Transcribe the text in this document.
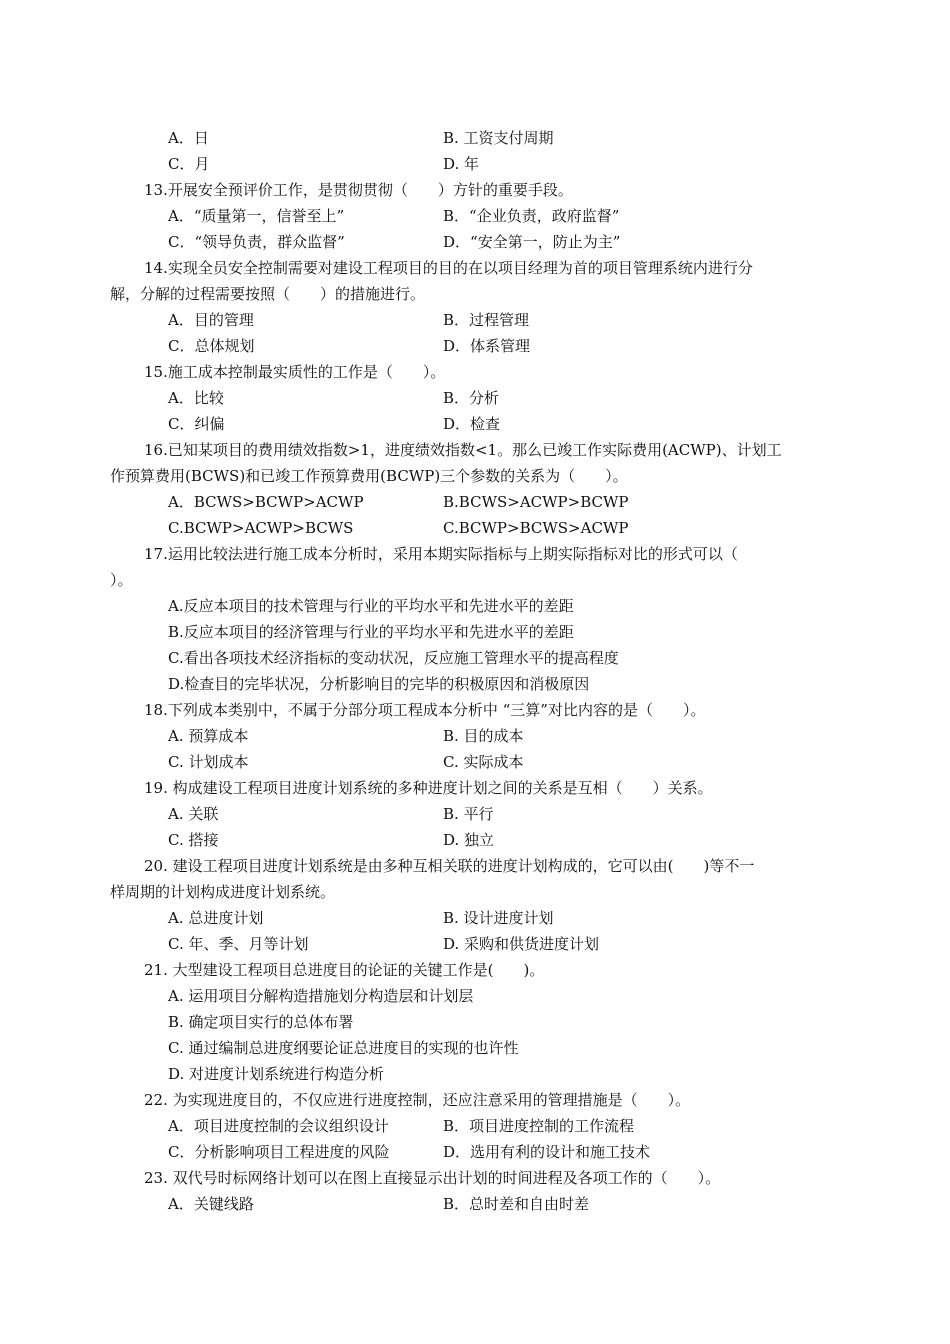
A．日	B. 工资支付周期
C．月	D. 年
13.开展安全预评价工作，是贯彻贯彻（　　）方针的重要手段。
A．“质量第一，信誉至上”	B．“企业负责，政府监督”
C．“领导负责，群众监督”	D．“安全第一，防止为主”
14.实现全员安全控制需要对建设工程项目的目的在以项目经理为首的项目管理系统内进行分
解，分解的过程需要按照（　　）的措施进行。
A．目的管理	B．过程管理
C．总体规划	D．体系管理
15.施工成本控制最实质性的工作是（　　）。
A．比较	B．分析
C．纠偏	D．检查
16.已知某项目的费用绩效指数>1，进度绩效指数<1。那么已竣工作实际费用(ACWP)、计划工
作预算费用(BCWS)和已竣工作预算费用(BCWP)三个参数的关系为（　　）。
A．BCWS>BCWP>ACWP	B.BCWS>ACWP>BCWP
C.BCWP>ACWP>BCWS	C.BCWP>BCWS>ACWP
17.运用比较法进行施工成本分析时，采用本期实际指标与上期实际指标对比的形式可以（
）。
A.反应本项目的技术管理与行业的平均水平和先进水平的差距
B.反应本项目的经济管理与行业的平均水平和先进水平的差距
C.看出各项技术经济指标的变动状况，反应施工管理水平的提高程度
D.检查目的完毕状况，分析影响目的完毕的积极原因和消极原因
18.下列成本类别中，不属于分部分项工程成本分析中 “三算”对比内容的是（　　）。
A. 预算成本	B. 目的成本
C. 计划成本	C. 实际成本
19. 构成建设工程项目进度计划系统的多种进度计划之间的关系是互相（　　）关系。
A. 关联	B. 平行
C. 搭接	D. 独立
20. 建设工程项目进度计划系统是由多种互相关联的进度计划构成的，它可以由(　　)等不一
样周期的计划构成进度计划系统。
A. 总进度计划	B. 设计进度计划
C. 年、季、月等计划	D. 采购和供货进度计划
21. 大型建设工程项目总进度目的论证的关键工作是(　　)。
A. 运用项目分解构造措施划分构造层和计划层
B. 确定项目实行的总体布署
C. 通过编制总进度纲要论证总进度目的实现的也许性
D. 对进度计划系统进行构造分析
22. 为实现进度目的，不仅应进行进度控制，还应注意采用的管理措施是（　　）。
A．项目进度控制的会议组织设计	B．项目进度控制的工作流程
C．分析影响项目工程进度的风险	D．选用有利的设计和施工技术
23. 双代号时标网络计划可以在图上直接显示出计划的时间进程及各项工作的（　　）。
A．关键线路	B．总时差和自由时差
